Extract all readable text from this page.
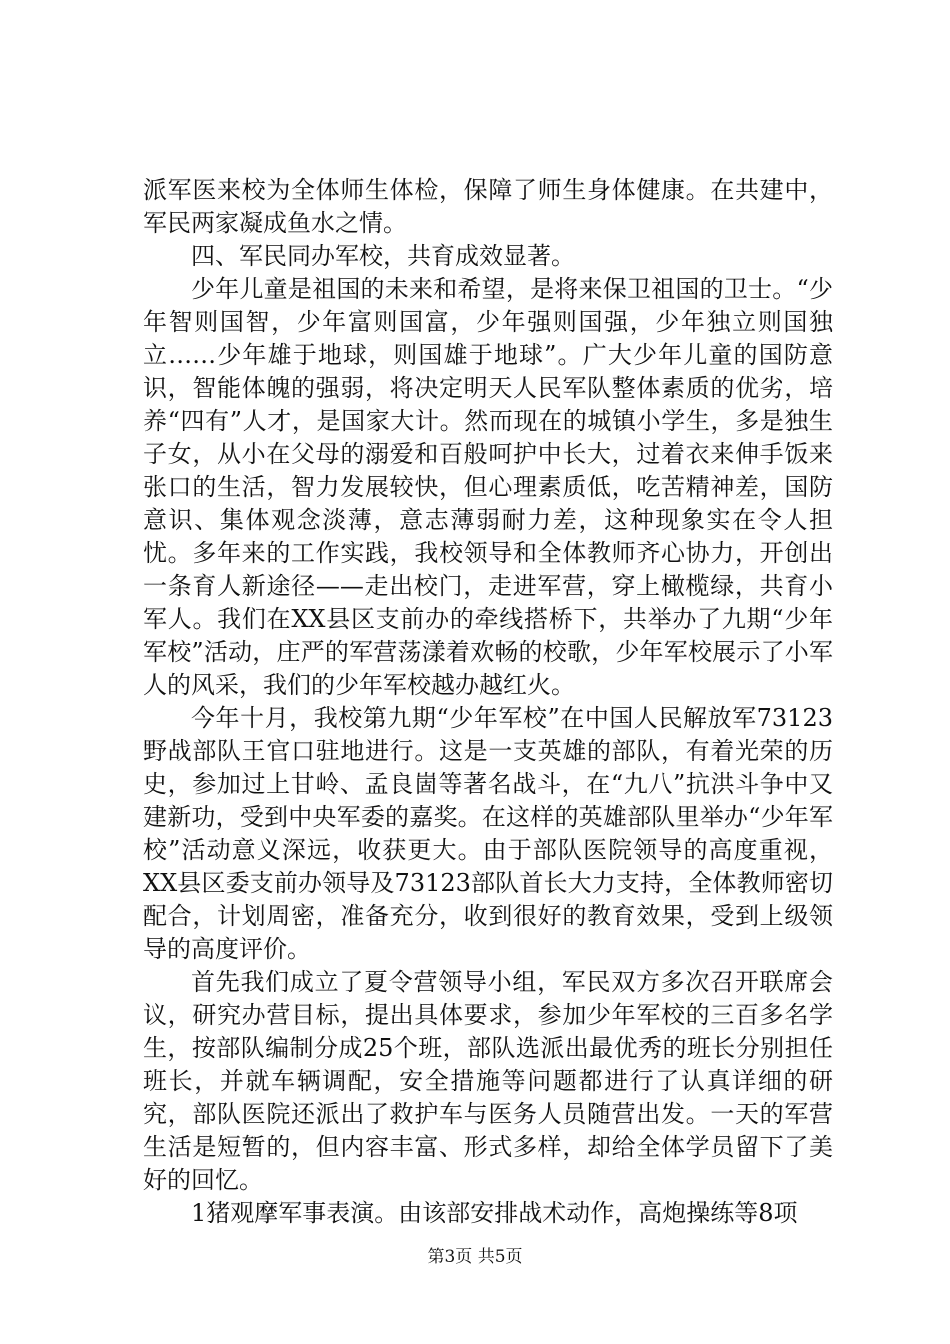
派军医来校为全体师生体检，保障了师生身体健康。在共建中，军民两家凝成鱼水之情。

四、军民同办军校，共育成效显著。

少年儿童是祖国的未来和希望，是将来保卫祖国的卫士。“少年智则国智，少年富则国富，少年强则国强，少年独立则国独立……少年雄于地球，则国雄于地球”。广大少年儿童的国防意识，智能体魄的强弱，将决定明天人民军队整体素质的优劣，培养“四有”人才，是国家大计。然而现在的城镇小学生，多是独生子女，从小在父母的溺爱和百般呵护中长大，过着衣来伸手饭来张口的生活，智力发展较快，但心理素质低，吃苦精神差，国防意识、集体观念淡薄，意志薄弱耐力差，这种现象实在令人担忧。多年来的工作实践，我校领导和全体教师齐心协力，开创出一条育人新途径——走出校门，走进军营，穿上橄榄绿，共育小军人。我们在XX县区支前办的牵线搭桥下，共举办了九期“少年军校”活动，庄严的军营荡漾着欢畅的校歌，少年军校展示了小军人的风采，我们的少年军校越办越红火。

今年十月，我校第九期“少年军校”在中国人民解放军73123野战部队王官口驻地进行。这是一支英雄的部队，有着光荣的历史，参加过上甘岭、孟良崮等著名战斗，在“九八”抗洪斗争中又建新功，受到中央军委的嘉奖。在这样的英雄部队里举办“少年军校”活动意义深远，收获更大。由于部队医院领导的高度重视，XX县区委支前办领导及73123部队首长大力支持，全体教师密切配合，计划周密，准备充分，收到很好的教育效果，受到上级领导的高度评价。

首先我们成立了夏令营领导小组，军民双方多次召开联席会议，研究办营目标，提出具体要求，参加少年军校的三百多名学生，按部队编制分成25个班，部队选派出最优秀的班长分别担任班长，并就车辆调配，安全措施等问题都进行了认真详细的研究，部队医院还派出了救护车与医务人员随营出发。一天的军营生活是短暂的，但内容丰富、形式多样，却给全体学员留下了美好的回忆。

1猪观摩军事表演。由该部安排战术动作，高炮操练等8项

第3页 共5页
